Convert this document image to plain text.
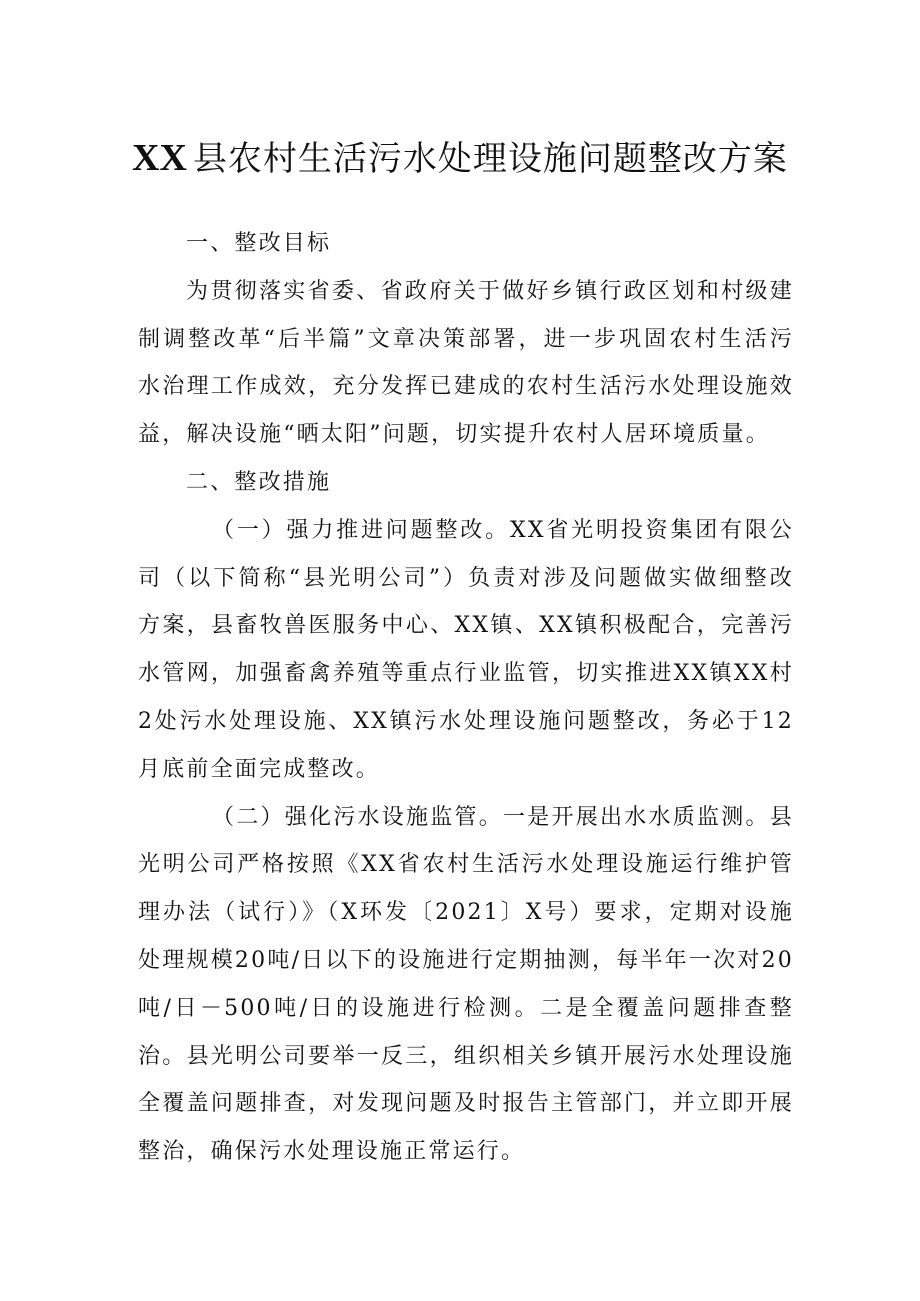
XX 县农村生活污水处理设施问题整改方案

一、整改目标

为贯彻落实省委、省政府关于做好乡镇行政区划和村级建制调整改革“后半篇”文章决策部署，进一步巩固农村生活污水治理工作成效，充分发挥已建成的农村生活污水处理设施效益，解决设施“晒太阳”问题，切实提升农村人居环境质量。

二、整改措施

（一）强力推进问题整改。XX省光明投资集团有限公司（以下简称“县光明公司”）负责对涉及问题做实做细整改方案，县畜牧兽医服务中心、XX镇、XX镇积极配合，完善污水管网，加强畜禽养殖等重点行业监管，切实推进XX镇XX村2处污水处理设施、XX镇污水处理设施问题整改，务必于12月底前全面完成整改。

（二）强化污水设施监管。一是开展出水水质监测。县光明公司严格按照《XX省农村生活污水处理设施运行维护管理办法（试行）》（X环发〔2021〕X号）要求，定期对设施处理规模20吨/日以下的设施进行定期抽测，每半年一次对20吨/日－500吨/日的设施进行检测。二是全覆盖问题排查整治。县光明公司要举一反三，组织相关乡镇开展污水处理设施全覆盖问题排查，对发现问题及时报告主管部门，并立即开展整治，确保污水处理设施正常运行。
